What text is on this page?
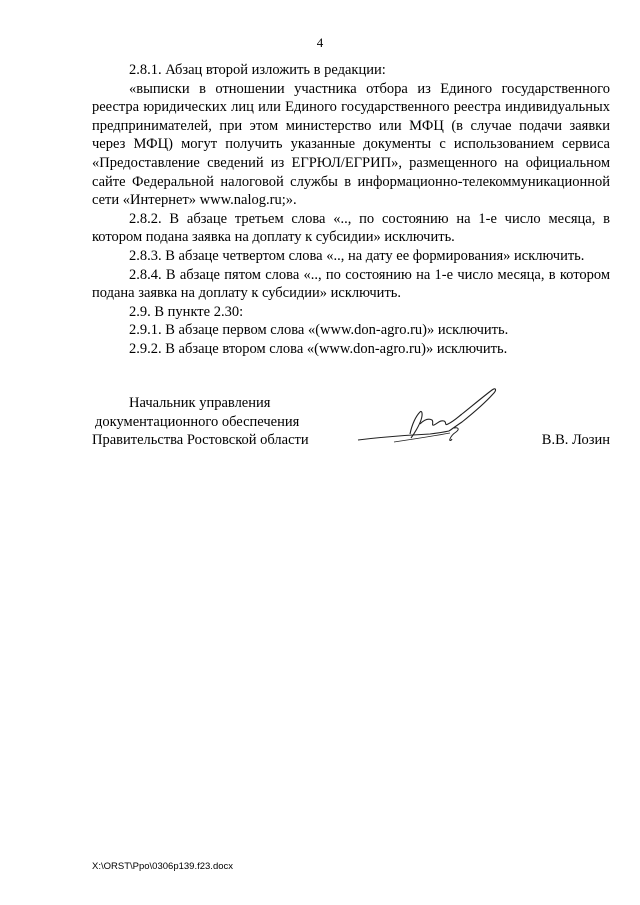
4

2.8.1. Абзац второй изложить в редакции:

«выписки в отношении участника отбора из Единого государственного реестра юридических лиц или Единого государственного реестра индивидуальных предпринимателей, при этом министерство или МФЦ (в случае подачи заявки через МФЦ) могут получить указанные документы с использованием сервиса «Предоставление сведений из ЕГРЮЛ/ЕГРИП», размещенного на официальном сайте Федеральной налоговой службы в информационно-телекоммуникационной сети «Интернет» www.nalog.ru;».

2.8.2. В абзаце третьем слова «.., по состоянию на 1-е число месяца, в котором подана заявка на доплату к субсидии» исключить.

2.8.3. В абзаце четвертом слова «.., на дату ее формирования» исключить.

2.8.4. В абзаце пятом слова «.., по состоянию на 1-е число месяца, в котором подана заявка на доплату к субсидии» исключить.

2.9. В пункте 2.30:

2.9.1. В абзаце первом слова «(www.don-agro.ru)» исключить.

2.9.2. В абзаце втором слова «(www.don-agro.ru)» исключить.

Начальник управления
документационного обеспечения
Правительства Ростовской области	В.В. Лозин
X:\ORST\Ppo\0306p139.f23.docx
